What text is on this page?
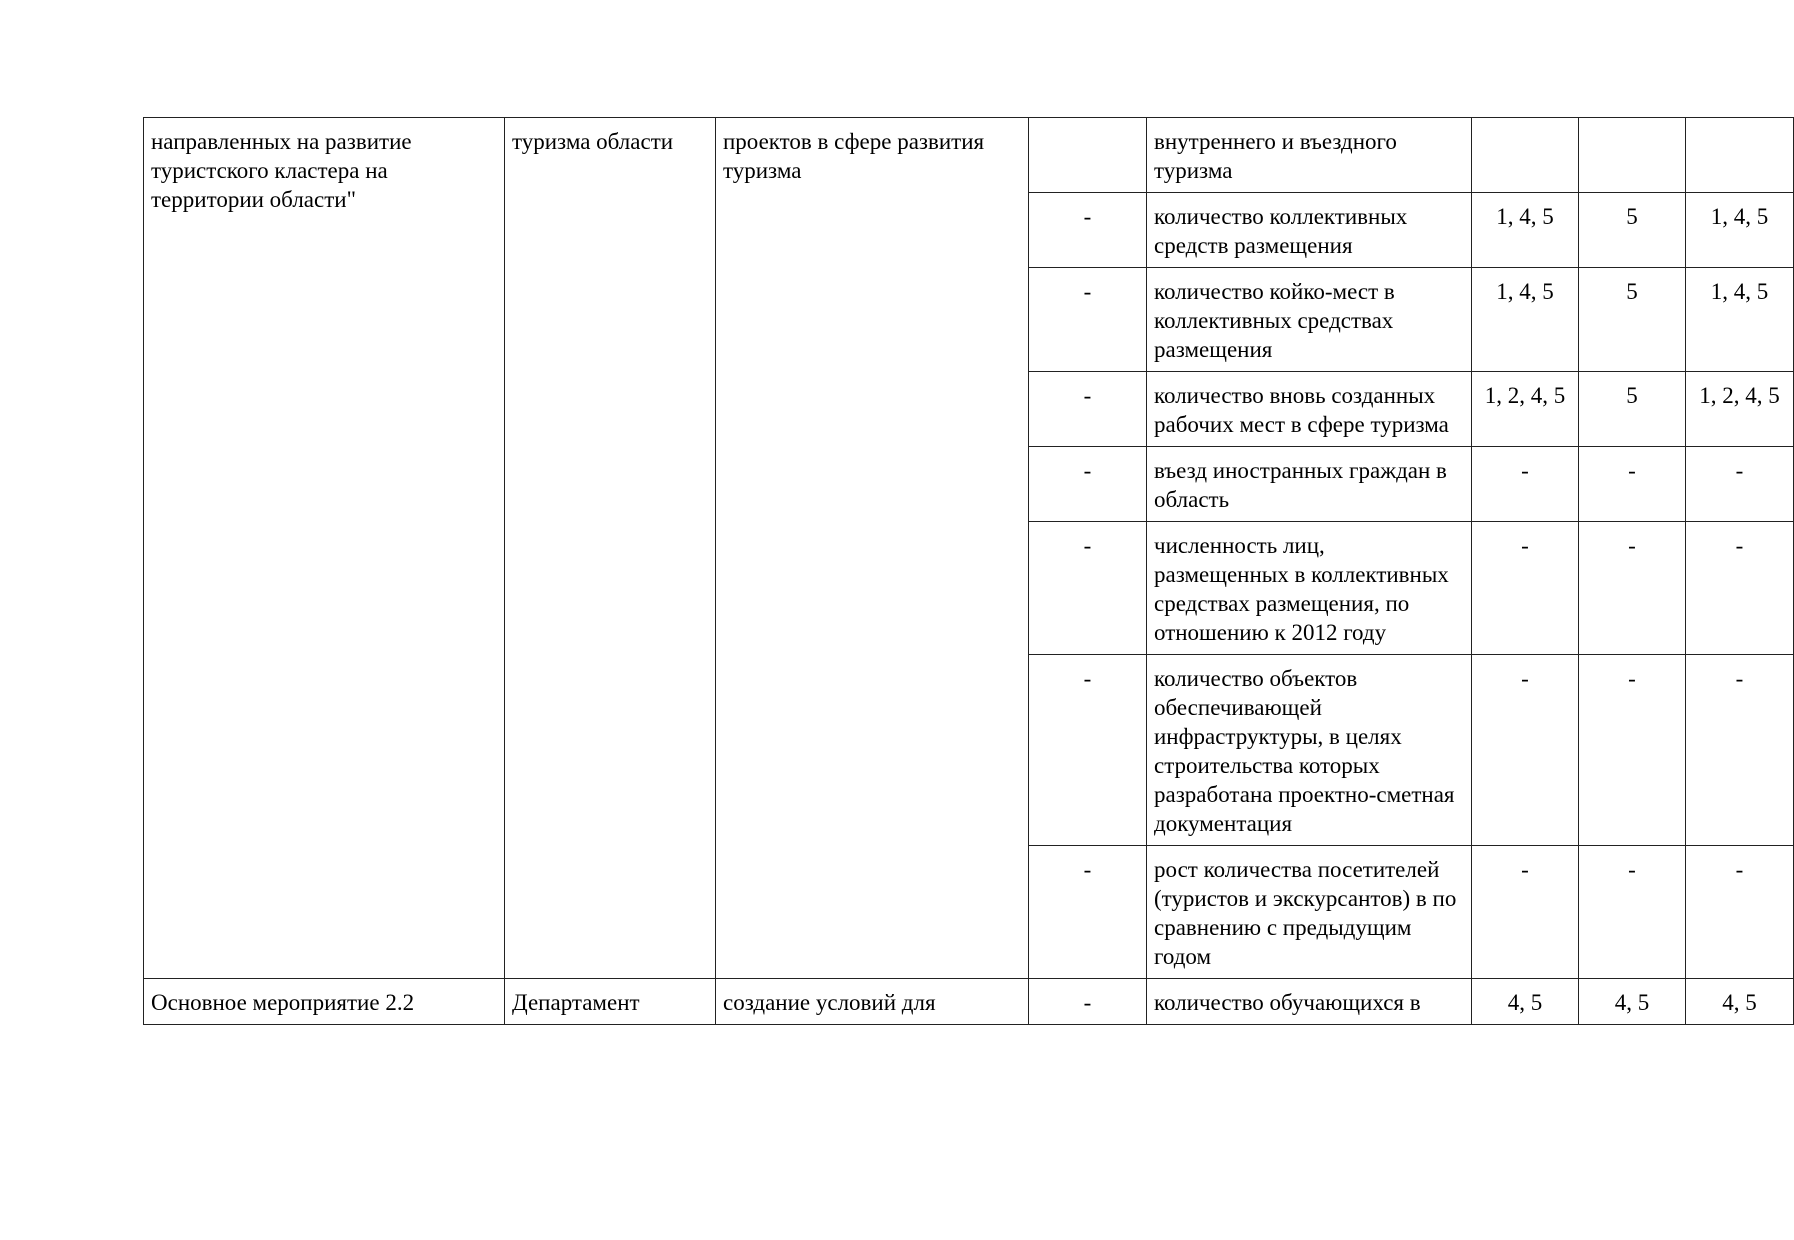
направленных на развитие туристского кластера на территории области"	туризма области	проектов в сфере развития туризма		внутреннего и въездного туризма			
			-	количество коллективных средств размещения	1, 4, 5	5	1, 4, 5
			-	количество койко-мест в коллективных средствах размещения	1, 4, 5	5	1, 4, 5
			-	количество вновь созданных рабочих мест в сфере туризма	1, 2, 4, 5	5	1, 2, 4, 5
			-	въезд иностранных граждан в область	-	-	-
			-	численность лиц, размещенных в коллективных средствах размещения, по отношению к 2012 году	-	-	-
			-	количество объектов обеспечивающей инфраструктуры, в целях строительства которых разработана проектно-сметная документация	-	-	-
			-	рост количества посетителей (туристов и экскурсантов) в по сравнению с предыдущим годом	-	-	-
Основное мероприятие 2.2	Департамент	создание условий для	-	количество обучающихся в	4, 5	4, 5	4, 5
